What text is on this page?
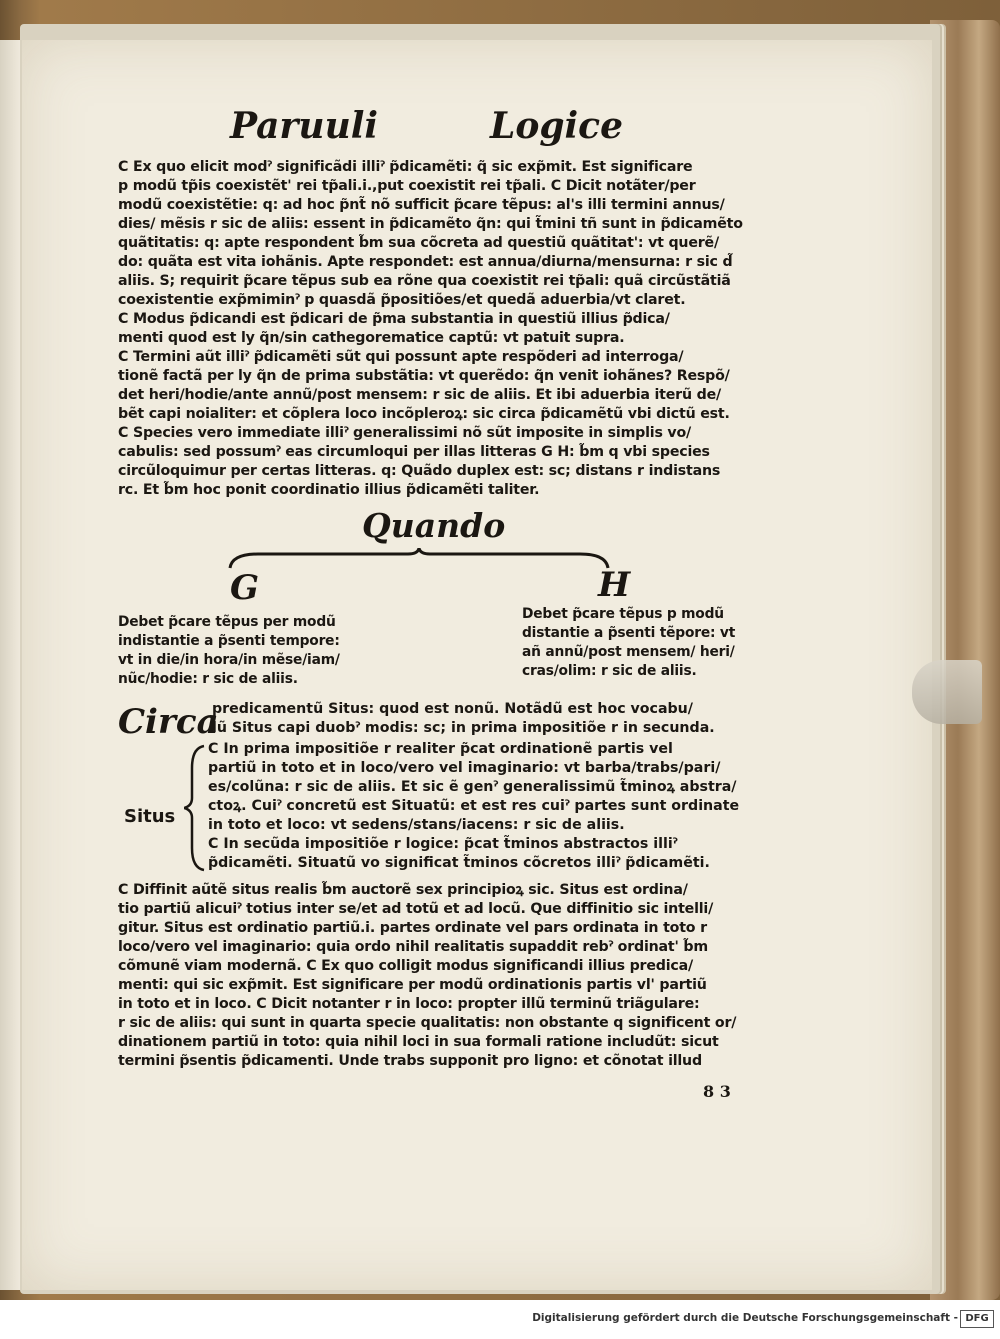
Paruuli	Logice
C Ex quo elicit modˀ significãdi illiˀ p̃dicamẽti: q̃ sic exp̃mit. Est significare
p modũ tp̃is coexistẽt' rei tp̃ali.i.,put coexistit rei tp̃ali. C Dicit notãter/per
modũ coexistẽtie: q: ad hoc p̃nt̃ nõ sufficit p̃care tẽpus: al's illi termini annus/
dies/ mẽsis r sic de aliis: essent in p̃dicamẽto q̃n: qui t̃mini tñ sunt in p̃dicamẽto
quãtitatis: q: apte respondent b̃m sua cõcreta ad questiũ quãtitat': vt querẽ/
do: quãta est vita iohãnis. Apte respondet: est annua/diurna/mensurna: r sic d̃
aliis. S; requirit p̃care tẽpus sub ea rõne qua coexistit rei tp̃ali: quã circũstãtiã
coexistentie exp̃miminˀ p quasdã p̃positiões/et quedã aduerbia/vt claret.
C Modus p̃dicandi est p̃dicari de p̃ma substantia in questiũ illius p̃dica/
menti quod est ly q̃n/sin cathegorematice captũ: vt patuit supra.
C Termini aũt illiˀ p̃dicamẽti sũt qui possunt apte respõderi ad interroga/
tionẽ factã per ly q̃n de prima substãtia: vt querẽdo: q̃n venit iohãnes? Respõ/
det heri/hodie/ante annũ/post mensem: r sic de aliis. Et ibi aduerbia iterũ de/
bẽt capi noialiter: et cõplera loco incõpleroꝝ: sic circa p̃dicamẽtũ vbi dictũ est.
C Species vero immediate illiˀ generalissimi nõ sũt imposite in simplis vo/
cabulis: sed possumˀ eas circumloqui per illas litteras G H: b̃m q vbi species
circũloquimur per certas litteras. q: Quãdo duplex est: sc; distans r indistans
rc. Et b̃m hoc ponit coordinatio illius p̃dicamẽti taliter.
Quando
G	H
Debet p̃care tẽpus per modũ
indistantie a p̃senti tempore:
vt in die/in hora/in mẽse/iam/
nũc/hodie: r sic de aliis.
Debet p̃care tẽpus p modũ
distantie a p̃senti tẽpore: vt
añ annũ/post mensem/ heri/
cras/olim: r sic de aliis.
Circa
predicamentũ Situs: quod est nonũ. Notãdũ est hoc vocabu/
lũ Situs capi duobˀ modis: sc; in prima impositiõe r in secunda.
Situs
C In prima impositiõe r realiter p̃cat ordinationẽ partis vel
partiũ in toto et in loco/vero vel imaginario: vt barba/trabs/pari/
es/colũna: r sic de aliis. Et sic ẽ genˀ generalissimũ t̃minoꝝ abstra/
ctoꝝ. Cuiˀ concretũ est Situatũ: et est res cuiˀ partes sunt ordinate
in toto et loco: vt sedens/stans/iacens: r sic de aliis.
C In secũda impositiõe r logice: p̃cat t̃minos abstractos illiˀ
p̃dicamẽti. Situatũ vo significat t̃minos cõcretos illiˀ p̃dicamẽti.
C Diffinit aũtẽ situs realis b̃m auctorẽ sex principioꝝ sic. Situs est ordina/
tio partiũ alicuiˀ totius inter se/et ad totũ et ad locũ. Que diffinitio sic intelli/
gitur. Situs est ordinatio partiũ.i. partes ordinate vel pars ordinata in toto r
loco/vero vel imaginario: quia ordo nihil realitatis supaddit rebˀ ordinat' b̃m
cõmunẽ viam modernã. C Ex quo colligit modus significandi illius predica/
menti: qui sic exp̃mit. Est significare per modũ ordinationis partis vl' partiũ
in toto et in loco. C Dicit notanter r in loco: propter illũ terminũ triãgulare:
r sic de aliis: qui sunt in quarta specie qualitatis: non obstante q significent or/
dinationem partiũ in toto: quia nihil loci in sua formali ratione includũt: sicut
termini p̃sentis p̃dicamenti. Unde trabs supponit pro ligno: et cõnotat illud
8 3
Digitalisierung gefördert durch die Deutsche Forschungsgemeinschaft - DFG
